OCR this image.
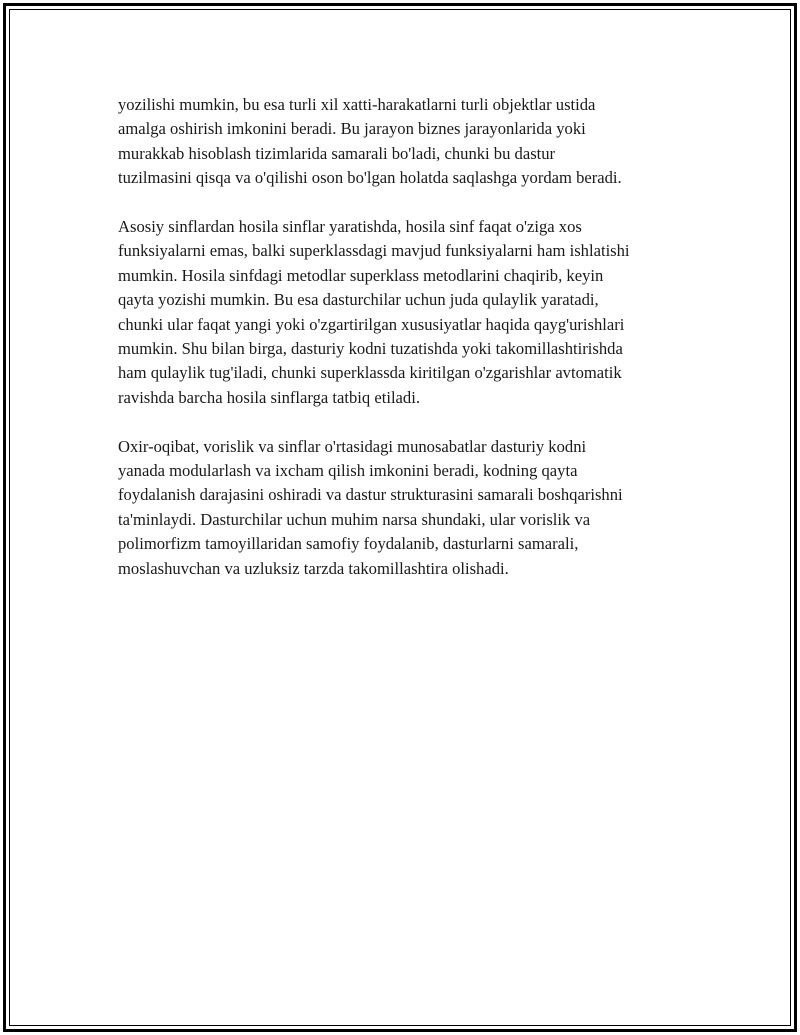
yozilishi mumkin, bu esa turli xil xatti-harakatlarni turli objektlar ustida
amalga oshirish imkonini beradi. Bu jarayon biznes jarayonlarida yoki
murakkab hisoblash tizimlarida samarali bo'ladi, chunki bu dastur
tuzilmasini qisqa va o'qilishi oson bo'lgan holatda saqlashga yordam beradi.

Asosiy sinflardan hosila sinflar yaratishda, hosila sinf faqat o'ziga xos
funksiyalarni emas, balki superklassdagi mavjud funksiyalarni ham ishlatishi
mumkin. Hosila sinfdagi metodlar superklass metodlarini chaqirib, keyin
qayta yozishi mumkin. Bu esa dasturchilar uchun juda qulaylik yaratadi,
chunki ular faqat yangi yoki o'zgartirilgan xususiyatlar haqida qayg'urishlari
mumkin. Shu bilan birga, dasturiy kodni tuzatishda yoki takomillashtirishda
ham qulaylik tug'iladi, chunki superklassda kiritilgan o'zgarishlar avtomatik
ravishda barcha hosila sinflarga tatbiq etiladi.

Oxir-oqibat, vorislik va sinflar o'rtasidagi munosabatlar dasturiy kodni
yanada modularlash va ixcham qilish imkonini beradi, kodning qayta
foydalanish darajasini oshiradi va dastur strukturasini samarali boshqarishni
ta'minlaydi. Dasturchilar uchun muhim narsa shundaki, ular vorislik va
polimorfizm tamoyillaridan samofiy foydalanib, dasturlarni samarali,
moslashuvchan va uzluksiz tarzda takomillashtira olishadi.
